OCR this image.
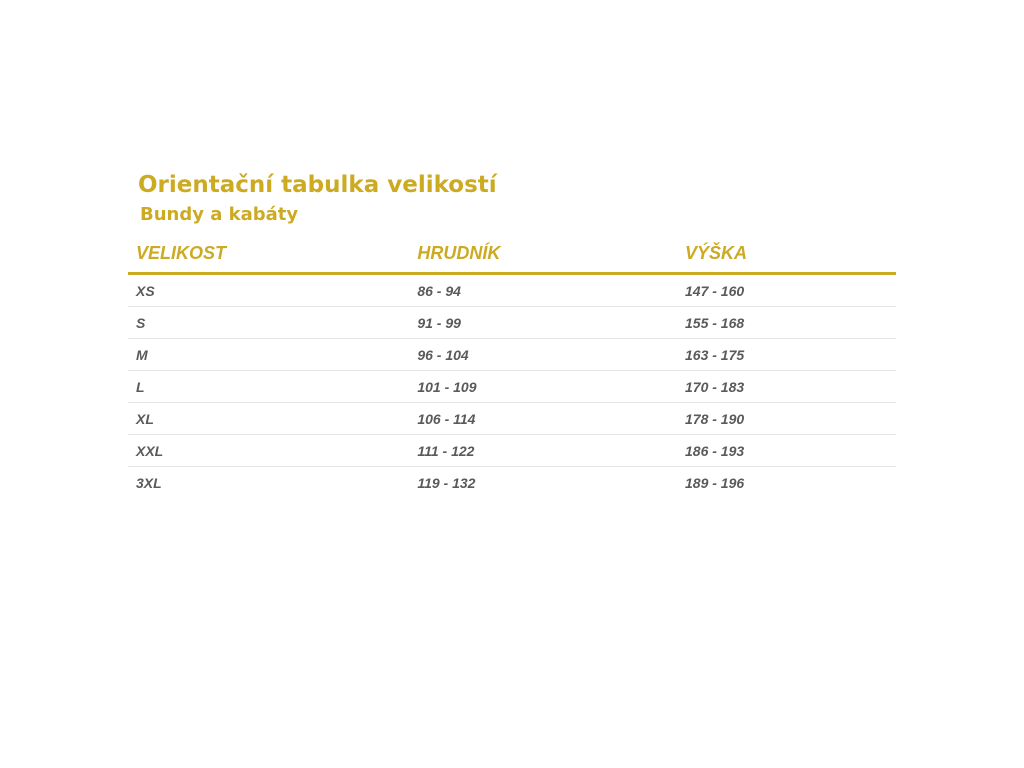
Orientační tabulka velikostí
Bundy a kabáty
VELIKOST	HRUDNÍK	VÝŠKA
XS	86 - 94	147 - 160
S	91 - 99	155 - 168
M	96 - 104	163 - 175
L	101 - 109	170 - 183
XL	106 - 114	178 - 190
XXL	111 - 122	186 - 193
3XL	119 - 132	189 - 196
